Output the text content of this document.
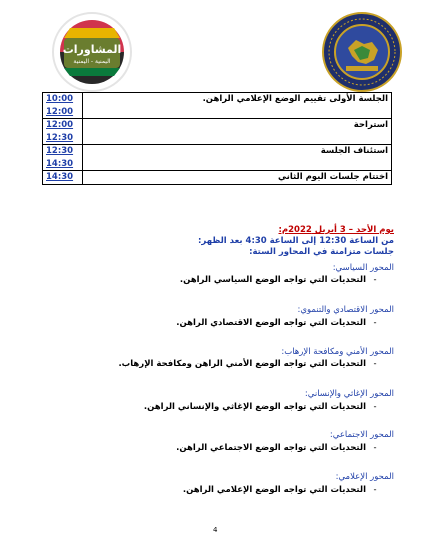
المشاورات
اليمنية - اليمنية
الجلسة الأولى تقييم الوضع الإعلامي الراهن.	10:00
12:00

استراحة	12:00
12:30

استئناف الجلسة	12:30
14:30

اختتام جلسات اليوم الثاني	14:30
يوم الأحد – 3 أبريل 2022م:
من الساعة 12:30 إلى الساعة 4:30 بعد الظهر:
جلسات متزامنة في المحاور الستة:
المحور السياسي:
-التحديات التي تواجه الوضع السياسي الراهن.
المحور الاقتصادي والتنموي:
-التحديات التي تواجه الوضع الاقتصادي الراهن.
المحور الأمني ومكافحة الإرهاب:
-التحديات التي تواجه الوضع الأمني الراهن ومكافحة الإرهاب.
المحور الإغاثي والإنساني:
-التحديات التي تواجه الوضع الإغاثي والإنساني الراهن.
المحور الاجتماعي:
-التحديات التي تواجه الوضع الاجتماعي الراهن.
المحور الإعلامي:
-التحديات التي تواجه الوضع الإعلامي الراهن.
4
